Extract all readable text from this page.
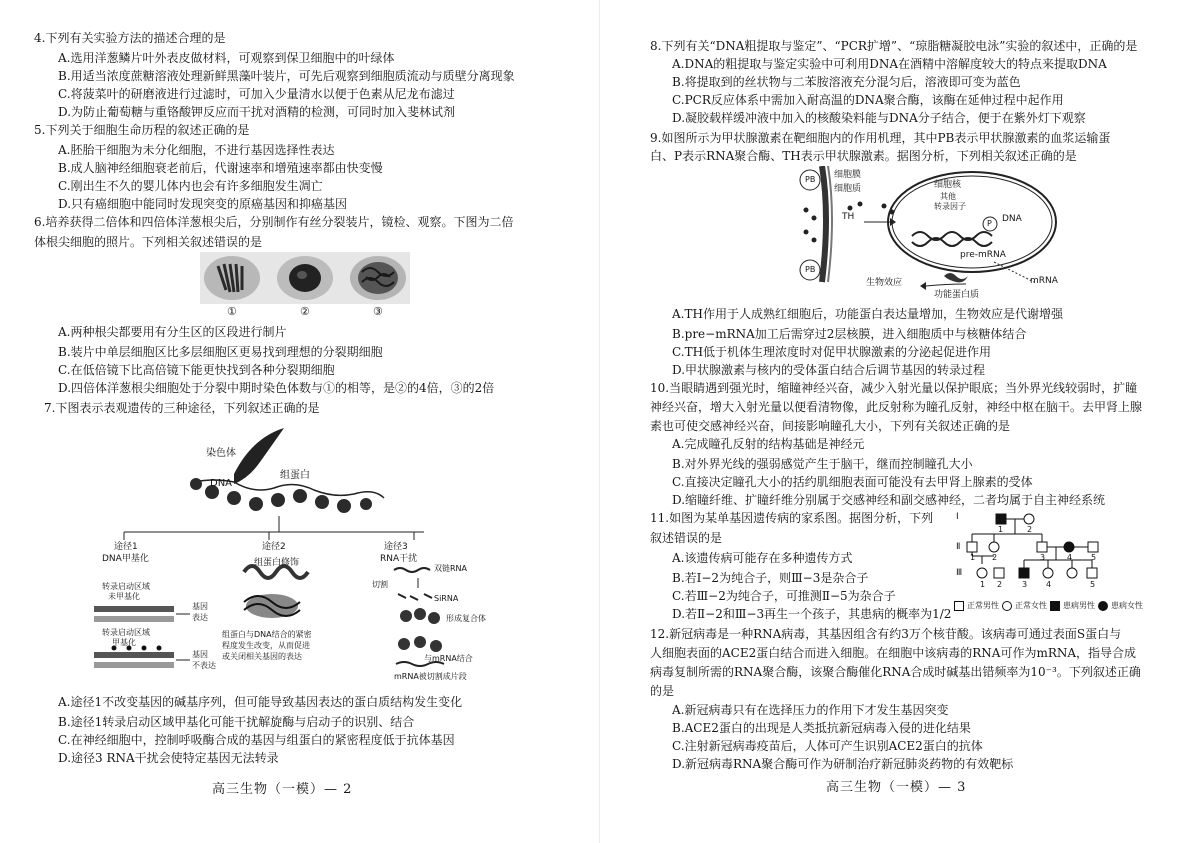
4.下列有关实验方法的描述合理的是
A.选用洋葱鳞片叶外表皮做材料，可观察到保卫细胞中的叶绿体
B.用适当浓度蔗糖溶液处理新鲜黑藻叶装片，可先后观察到细胞质流动与质壁分离现象
C.将菠菜叶的研磨液进行过滤时，可加入少量清水以便于色素从尼龙布滤过
D.为防止葡萄糖与重铬酸钾反应而干扰对酒精的检测，可同时加入斐林试剂
5.下列关于细胞生命历程的叙述正确的是
A.胚胎干细胞为未分化细胞，不进行基因选择性表达
B.成人脑神经细胞衰老前后，代谢速率和增殖速率都由快变慢
C.刚出生不久的婴儿体内也会有许多细胞发生凋亡
D.只有癌细胞中能同时发现突变的原癌基因和抑癌基因
6.培养获得二倍体和四倍体洋葱根尖后，分别制作有丝分裂装片，镜检、观察。下图为二倍
体根尖细胞的照片。下列相关叙述错误的是
①	②	③
A.两种根尖都要用有分生区的区段进行制片
B.装片中单层细胞区比多层细胞区更易找到理想的分裂期细胞
C.在低倍镜下比高倍镜下能更快找到各种分裂期细胞
D.四倍体洋葱根尖细胞处于分裂中期时染色体数与①的相等，是②的4倍，③的2倍
7.下图表示表观遗传的三种途径，下列叙述正确的是
染色体
DNA
组蛋白
途径1
DNA甲基化
转录启动区域
未甲基化
基因
表达
转录启动区域
甲基化
基因
不表达
途径2
组蛋白修饰
组蛋白与DNA结合的紧密
程度发生改变，从而促进
或关闭相关基因的表达
途径3
RNA干扰
双链RNA
切割
SiRNA
形成复合体
与mRNA结合
mRNA被切割成片段
A.途径1不改变基因的碱基序列，但可能导致基因表达的蛋白质结构发生变化
B.途径1转录启动区域甲基化可能干扰解旋酶与启动子的识别、结合
C.在神经细胞中，控制呼吸酶合成的基因与组蛋白的紧密程度低于抗体基因
D.途径3 RNA干扰会使特定基因无法转录
高三生物（一模）— 2
8.下列有关“DNA粗提取与鉴定”、“PCR扩增”、“琼脂糖凝胶电泳”实验的叙述中，正确的是
A.DNA的粗提取与鉴定实验中可利用DNA在酒精中溶解度较大的特点来提取DNA
B.将提取到的丝状物与二苯胺溶液充分混匀后，溶液即可变为蓝色
C.PCR反应体系中需加入耐高温的DNA聚合酶，该酶在延伸过程中起作用
D.凝胶载样缓冲液中加入的核酸染料能与DNA分子结合，便于在紫外灯下观察
9.如图所示为甲状腺激素在靶细胞内的作用机理，其中PB表示甲状腺激素的血浆运输蛋
白、P表示RNA聚合酶、TH表示甲状腺激素。据图分析，下列相关叙述正确的是
PB
PB
细胞膜
细胞质
TH
细胞核
其他
转录因子
P DNA
pre-mRNA
mRNA
生物效应
功能蛋白质
A.TH作用于人成熟红细胞后，功能蛋白表达量增加，生物效应是代谢增强
B.pre−mRNA加工后需穿过2层核膜，进入细胞质中与核糖体结合
C.TH低于机体生理浓度时对促甲状腺激素的分泌起促进作用
D.甲状腺激素与核内的受体蛋白结合后调节基因的转录过程
10.当眼睛遇到强光时，缩瞳神经兴奋，减少入射光量以保护眼底；当外界光线较弱时，扩瞳
神经兴奋，增大入射光量以便看清物像，此反射称为瞳孔反射，神经中枢在脑干。去甲肾上腺
素也可使交感神经兴奋，间接影响瞳孔大小，下列有关叙述正确的是
A.完成瞳孔反射的结构基础是神经元
B.对外界光线的强弱感觉产生于脑干，继而控制瞳孔大小
C.直接决定瞳孔大小的括约肌细胞表面可能没有去甲肾上腺素的受体
D.缩瞳纤维、扩瞳纤维分别属于交感神经和副交感神经，二者均属于自主神经系统
11.如图为某单基因遗传病的家系图。据图分析，下列
叙述错误的是
A.该遗传病可能存在多种遗传方式
B.若Ⅰ−2为纯合子，则Ⅲ−3是杂合子
C.若Ⅲ−2为纯合子，可推测Ⅱ−5为杂合子
D.若Ⅱ−2和Ⅲ−3再生一个孩子，其患病的概率为1/2
Ⅰ
Ⅱ
Ⅲ
1	2
1 2	3	4 5
1 2 3 4	5
正常男性 正常女性 患病男性 患病女性
12.新冠病毒是一种RNA病毒，其基因组含有约3万个核苷酸。该病毒可通过表面S蛋白与
人细胞表面的ACE2蛋白结合而进入细胞。在细胞中该病毒的RNA可作为mRNA，指导合成
病毒复制所需的RNA聚合酶，该聚合酶催化RNA合成时碱基出错频率为10⁻³。下列叙述正确
的是
A.新冠病毒只有在选择压力的作用下才发生基因突变
B.ACE2蛋白的出现是人类抵抗新冠病毒入侵的进化结果
C.注射新冠病毒疫苗后，人体可产生识别ACE2蛋白的抗体
D.新冠病毒RNA聚合酶可作为研制治疗新冠肺炎药物的有效靶标
高三生物（一模）— 3
